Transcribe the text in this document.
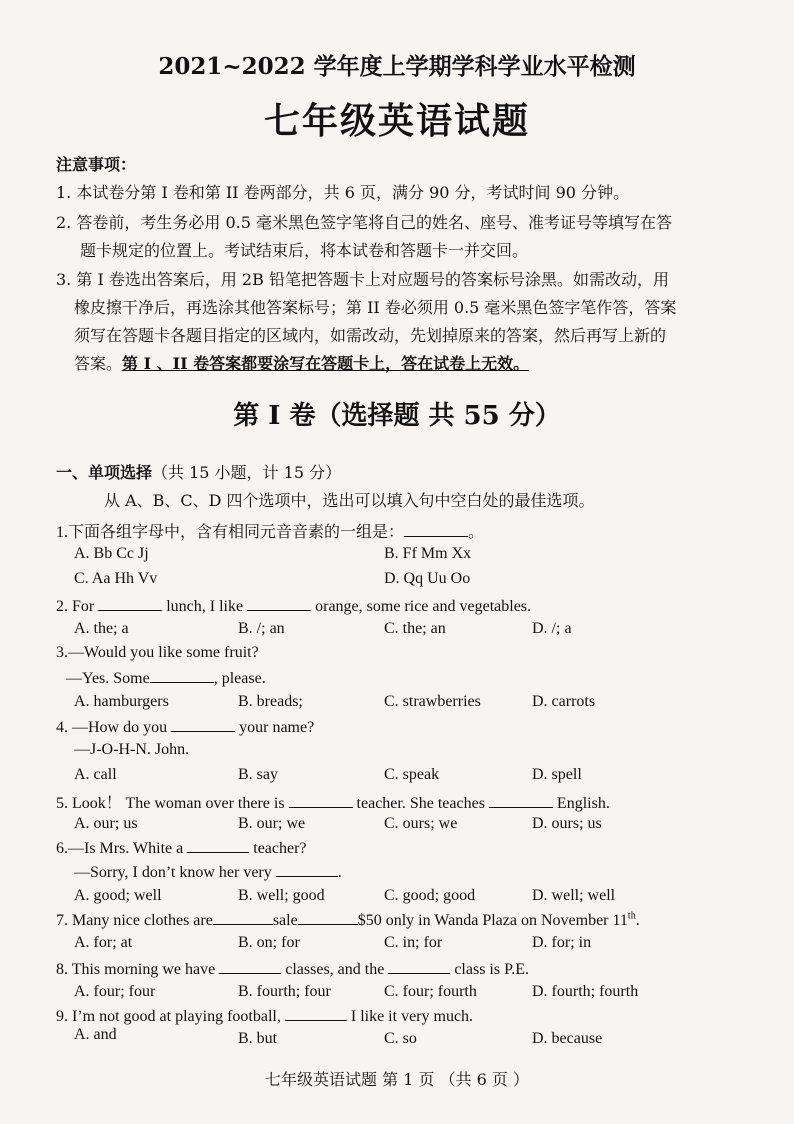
2021~2022 学年度上学期学科学业水平检测
七年级英语试题
注意事项：
1. 本试卷分第 I 卷和第 II 卷两部分，共 6 页，满分 90 分，考试时间 90 分钟。
2. 答卷前，考生务必用 0.5 毫米黑色签字笔将自己的姓名、座号、准考证号等填写在答
题卡规定的位置上。考试结束后，将本试卷和答题卡一并交回。
3. 第 I 卷选出答案后，用 2B 铅笔把答题卡上对应题号的答案标号涂黑。如需改动，用
橡皮擦干净后，再选涂其他答案标号；第 II 卷必须用 0.5 毫米黑色签字笔作答，答案
须写在答题卡各题目指定的区域内，如需改动，先划掉原来的答案，然后再写上新的
答案。第 I 、II 卷答案都要涂写在答题卡上，答在试卷上无效。
第 I 卷（选择题 共 55 分）
一、单项选择（共 15 小题，计 15 分）
从 A、B、C、D 四个选项中，选出可以填入句中空白处的最佳选项。
1.下面各组字母中，含有相同元音音素的一组是：	。
A. Bb Cc Jj	B. Ff Mm Xx
C. Aa Hh Vv	D. Qq Uu Oo
2. For	lunch, I like	orange, some rice and vegetables.
A. the; a	B. /; an	C. the; an	D. /; a
3.—Would you like some fruit?
—Yes. Some	, please.
A. hamburgers	B. breads;	C. strawberries	D. carrots
4. —How do you	your name?
—J-O-H-N. John.
A. call	B. say	C. speak	D. spell
5. Look！ The woman over there is	teacher. She teaches	English.
A. our; us	B. our; we	C. ours; we	D. ours; us
6.—Is Mrs. White a	teacher?
—Sorry, I don’t know her very	.
A. good; well	B. well; good	C. good; good	D. well; well
7. Many nice clothes are	sale	$50 only in Wanda Plaza on November 11th.
A. for; at	B. on; for	C. in; for	D. for; in
8. This morning we have	classes, and the	class is P.E.
A. four; four	B. fourth; four	C. four; fourth	D. fourth; fourth
9. I’m not good at playing football,	I like it very much.
A. and	B. but	C. so	D. because
七年级英语试题 第 1 页 （共 6 页 ）
